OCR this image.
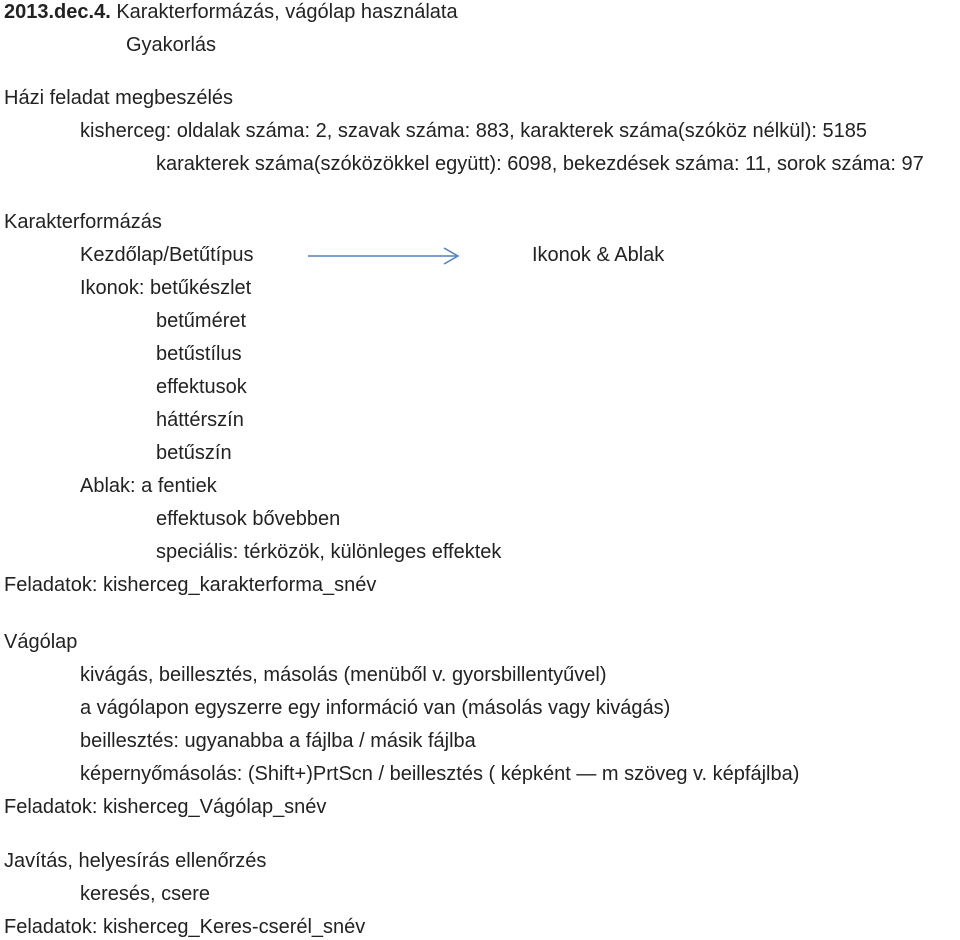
2013.dec.4. Karakterformázás, vágólap használata
Gyakorlás
Házi feladat megbeszélés
kisherceg: oldalak száma: 2, szavak száma: 883, karakterek száma(szóköz nélkül): 5185
karakterek száma(szóközökkel együtt): 6098, bekezdések száma: 11, sorok száma: 97
Karakterformázás
Kezdőlap/Betűtípus	Ikonok & Ablak
Ikonok: betűkészlet
betűméret
betűstílus
effektusok
háttérszín
betűszín
Ablak: a fentiek
effektusok bővebben
speciális: térközök, különleges effektek
Feladatok: kisherceg_karakterforma_snév
Vágólap
kivágás, beillesztés, másolás (menüből v. gyorsbillentyűvel)
a vágólapon egyszerre egy információ van (másolás vagy kivágás)
beillesztés: ugyanabba a fájlba / másik fájlba
képernyőmásolás: (Shift+)PrtScn / beillesztés ( képként — m szöveg v. képfájlba)
Feladatok: kisherceg_Vágólap_snév
Javítás, helyesírás ellenőrzés
keresés, csere
Feladatok: kisherceg_Keres-cserél_snév
